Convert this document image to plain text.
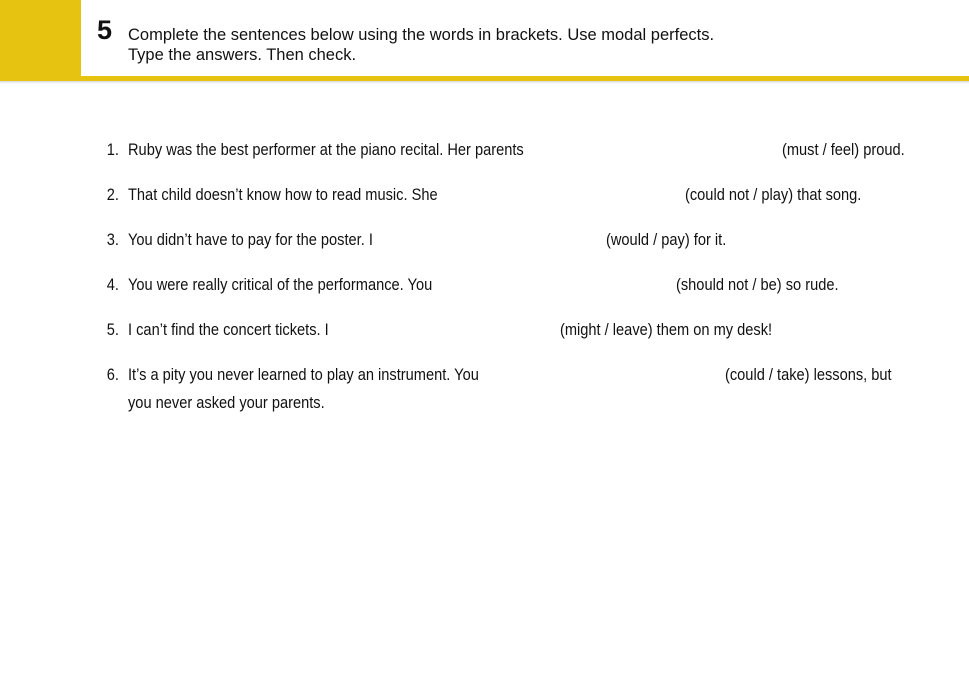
5 Complete the sentences below using the words in brackets. Use modal perfects.
Type the answers. Then check.
1. Ruby was the best performer at the piano recital. Her parents	(must / feel) proud.
2. That child doesn’t know how to read music. She	(could not / play) that song.
3. You didn’t have to pay for the poster. I	(would / pay) for it.
4. You were really critical of the performance. You	(should not / be) so rude.
5. I can’t find the concert tickets. I	(might / leave) them on my desk!
6. It’s a pity you never learned to play an instrument. You	(could / take) lessons, but
you never asked your parents.
